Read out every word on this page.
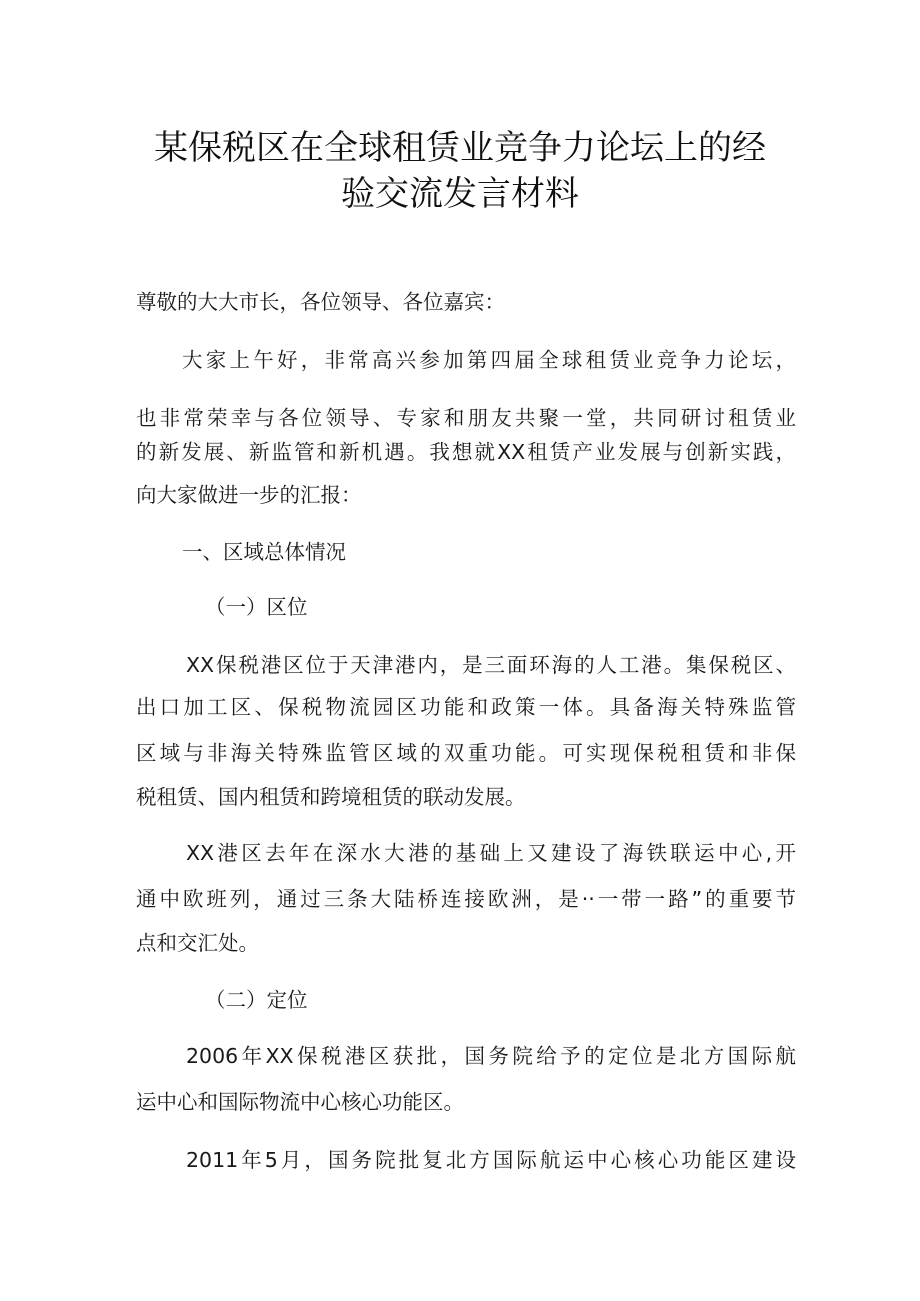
某保税区在全球租赁业竞争力论坛上的经
验交流发言材料
尊敬的大大市长，各位领导、各位嘉宾：
大家上午好，非常高兴参加第四届全球租赁业竞争力论坛，
也非常荣幸与各位领导、专家和朋友共聚一堂，共同研讨租赁业
的新发展、新监管和新机遇。我想就XX租赁产业发展与创新实践，
向大家做进一步的汇报：
一、区域总体情况
（一）区位
XX保税港区位于天津港内，是三面环海的人工港。集保税区、
出口加工区、保税物流园区功能和政策一体。具备海关特殊监管
区域与非海关特殊监管区域的双重功能。可实现保税租赁和非保
税租赁、国内租赁和跨境租赁的联动发展。
XX港区去年在深水大港的基础上又建设了海铁联运中心,开
通中欧班列，通过三条大陆桥连接欧洲，是··一带一路”的重要节
点和交汇处。
（二）定位
2006年XX保税港区获批，国务院给予的定位是北方国际航
运中心和国际物流中心核心功能区。
2011年5月，国务院批复北方国际航运中心核心功能区建设
